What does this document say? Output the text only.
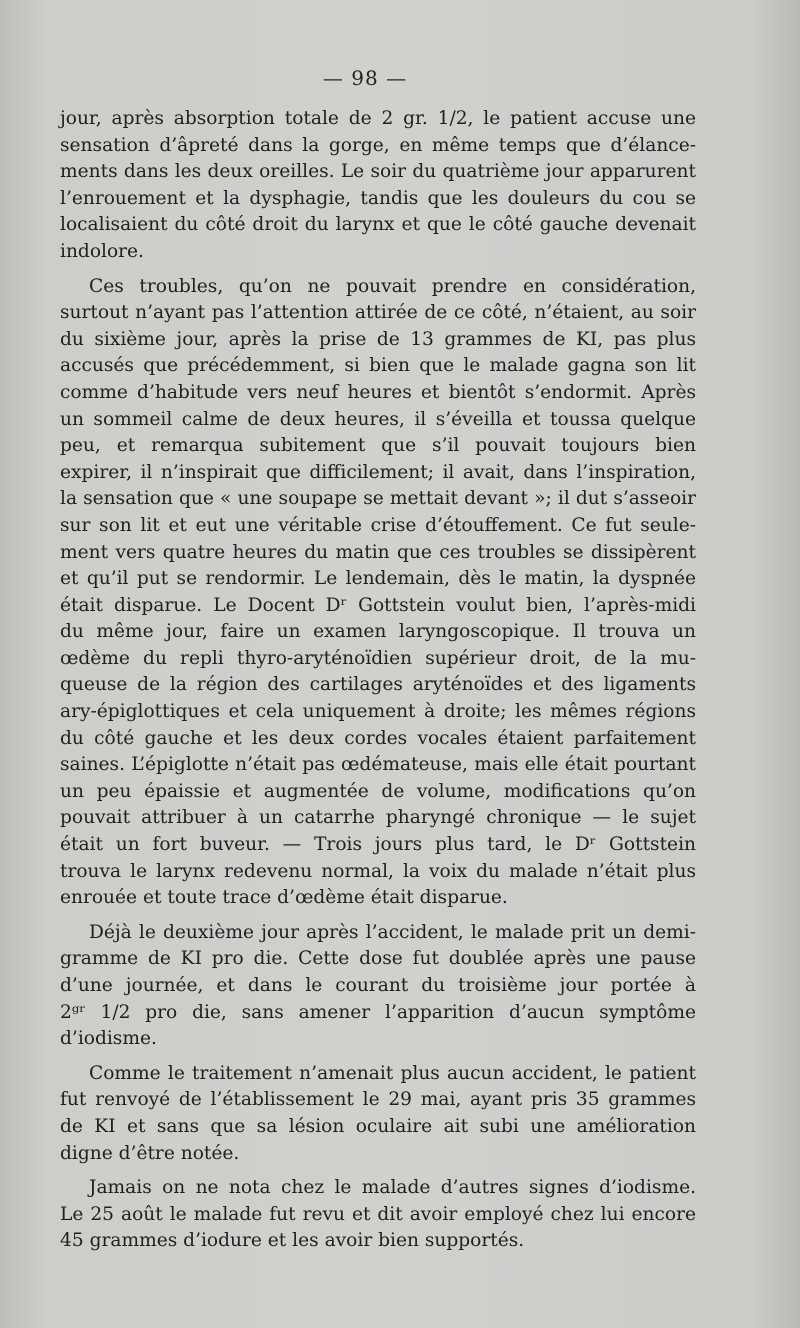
— 98 —
jour, après absorption totale de 2 gr. 1/2, le patient accuse une
sensation d’âpreté dans la gorge, en même temps que d’élance-
ments dans les deux oreilles. Le soir du quatrième jour apparurent
l’enrouement et la dysphagie, tandis que les douleurs du cou se
localisaient du côté droit du larynx et que le côté gauche devenait
indolore.
Ces troubles, qu’on ne pouvait prendre en considération,
surtout n’ayant pas l’attention attirée de ce côté, n’étaient, au soir
du sixième jour, après la prise de 13 grammes de KI, pas plus
accusés que précédemment, si bien que le malade gagna son lit
comme d’habitude vers neuf heures et bientôt s’endormit. Après
un sommeil calme de deux heures, il s’éveilla et toussa quelque
peu, et remarqua subitement que s’il pouvait toujours bien
expirer, il n’inspirait que difficilement; il avait, dans l’inspiration,
la sensation que « une soupape se mettait devant »; il dut s’asseoir
sur son lit et eut une véritable crise d’étouffement. Ce fut seule-
ment vers quatre heures du matin que ces troubles se dissipèrent
et qu’il put se rendormir. Le lendemain, dès le matin, la dyspnée
était disparue. Le Docent Dʳ Gottstein voulut bien, l’après-midi
du même jour, faire un examen laryngoscopique. Il trouva un
œdème du repli thyro-aryténoïdien supérieur droit, de la mu-
queuse de la région des cartilages aryténoïdes et des ligaments
ary-épiglottiques et cela uniquement à droite; les mêmes régions
du côté gauche et les deux cordes vocales étaient parfaitement
saines. L’épiglotte n’était pas œdémateuse, mais elle était pourtant
un peu épaissie et augmentée de volume, modifications qu’on
pouvait attribuer à un catarrhe pharyngé chronique — le sujet
était un fort buveur. — Trois jours plus tard, le Dʳ Gottstein
trouva le larynx redevenu normal, la voix du malade n’était plus
enrouée et toute trace d’œdème était disparue.
Déjà le deuxième jour après l’accident, le malade prit un demi-
gramme de KI pro die. Cette dose fut doublée après une pause
d’une journée, et dans le courant du troisième jour portée à
2ᵍʳ 1/2 pro die, sans amener l’apparition d’aucun symptôme
d’iodisme.
Comme le traitement n’amenait plus aucun accident, le patient
fut renvoyé de l’établissement le 29 mai, ayant pris 35 grammes
de KI et sans que sa lésion oculaire ait subi une amélioration
digne d’être notée.
Jamais on ne nota chez le malade d’autres signes d’iodisme.
Le 25 août le malade fut revu et dit avoir employé chez lui encore
45 grammes d’iodure et les avoir bien supportés.
